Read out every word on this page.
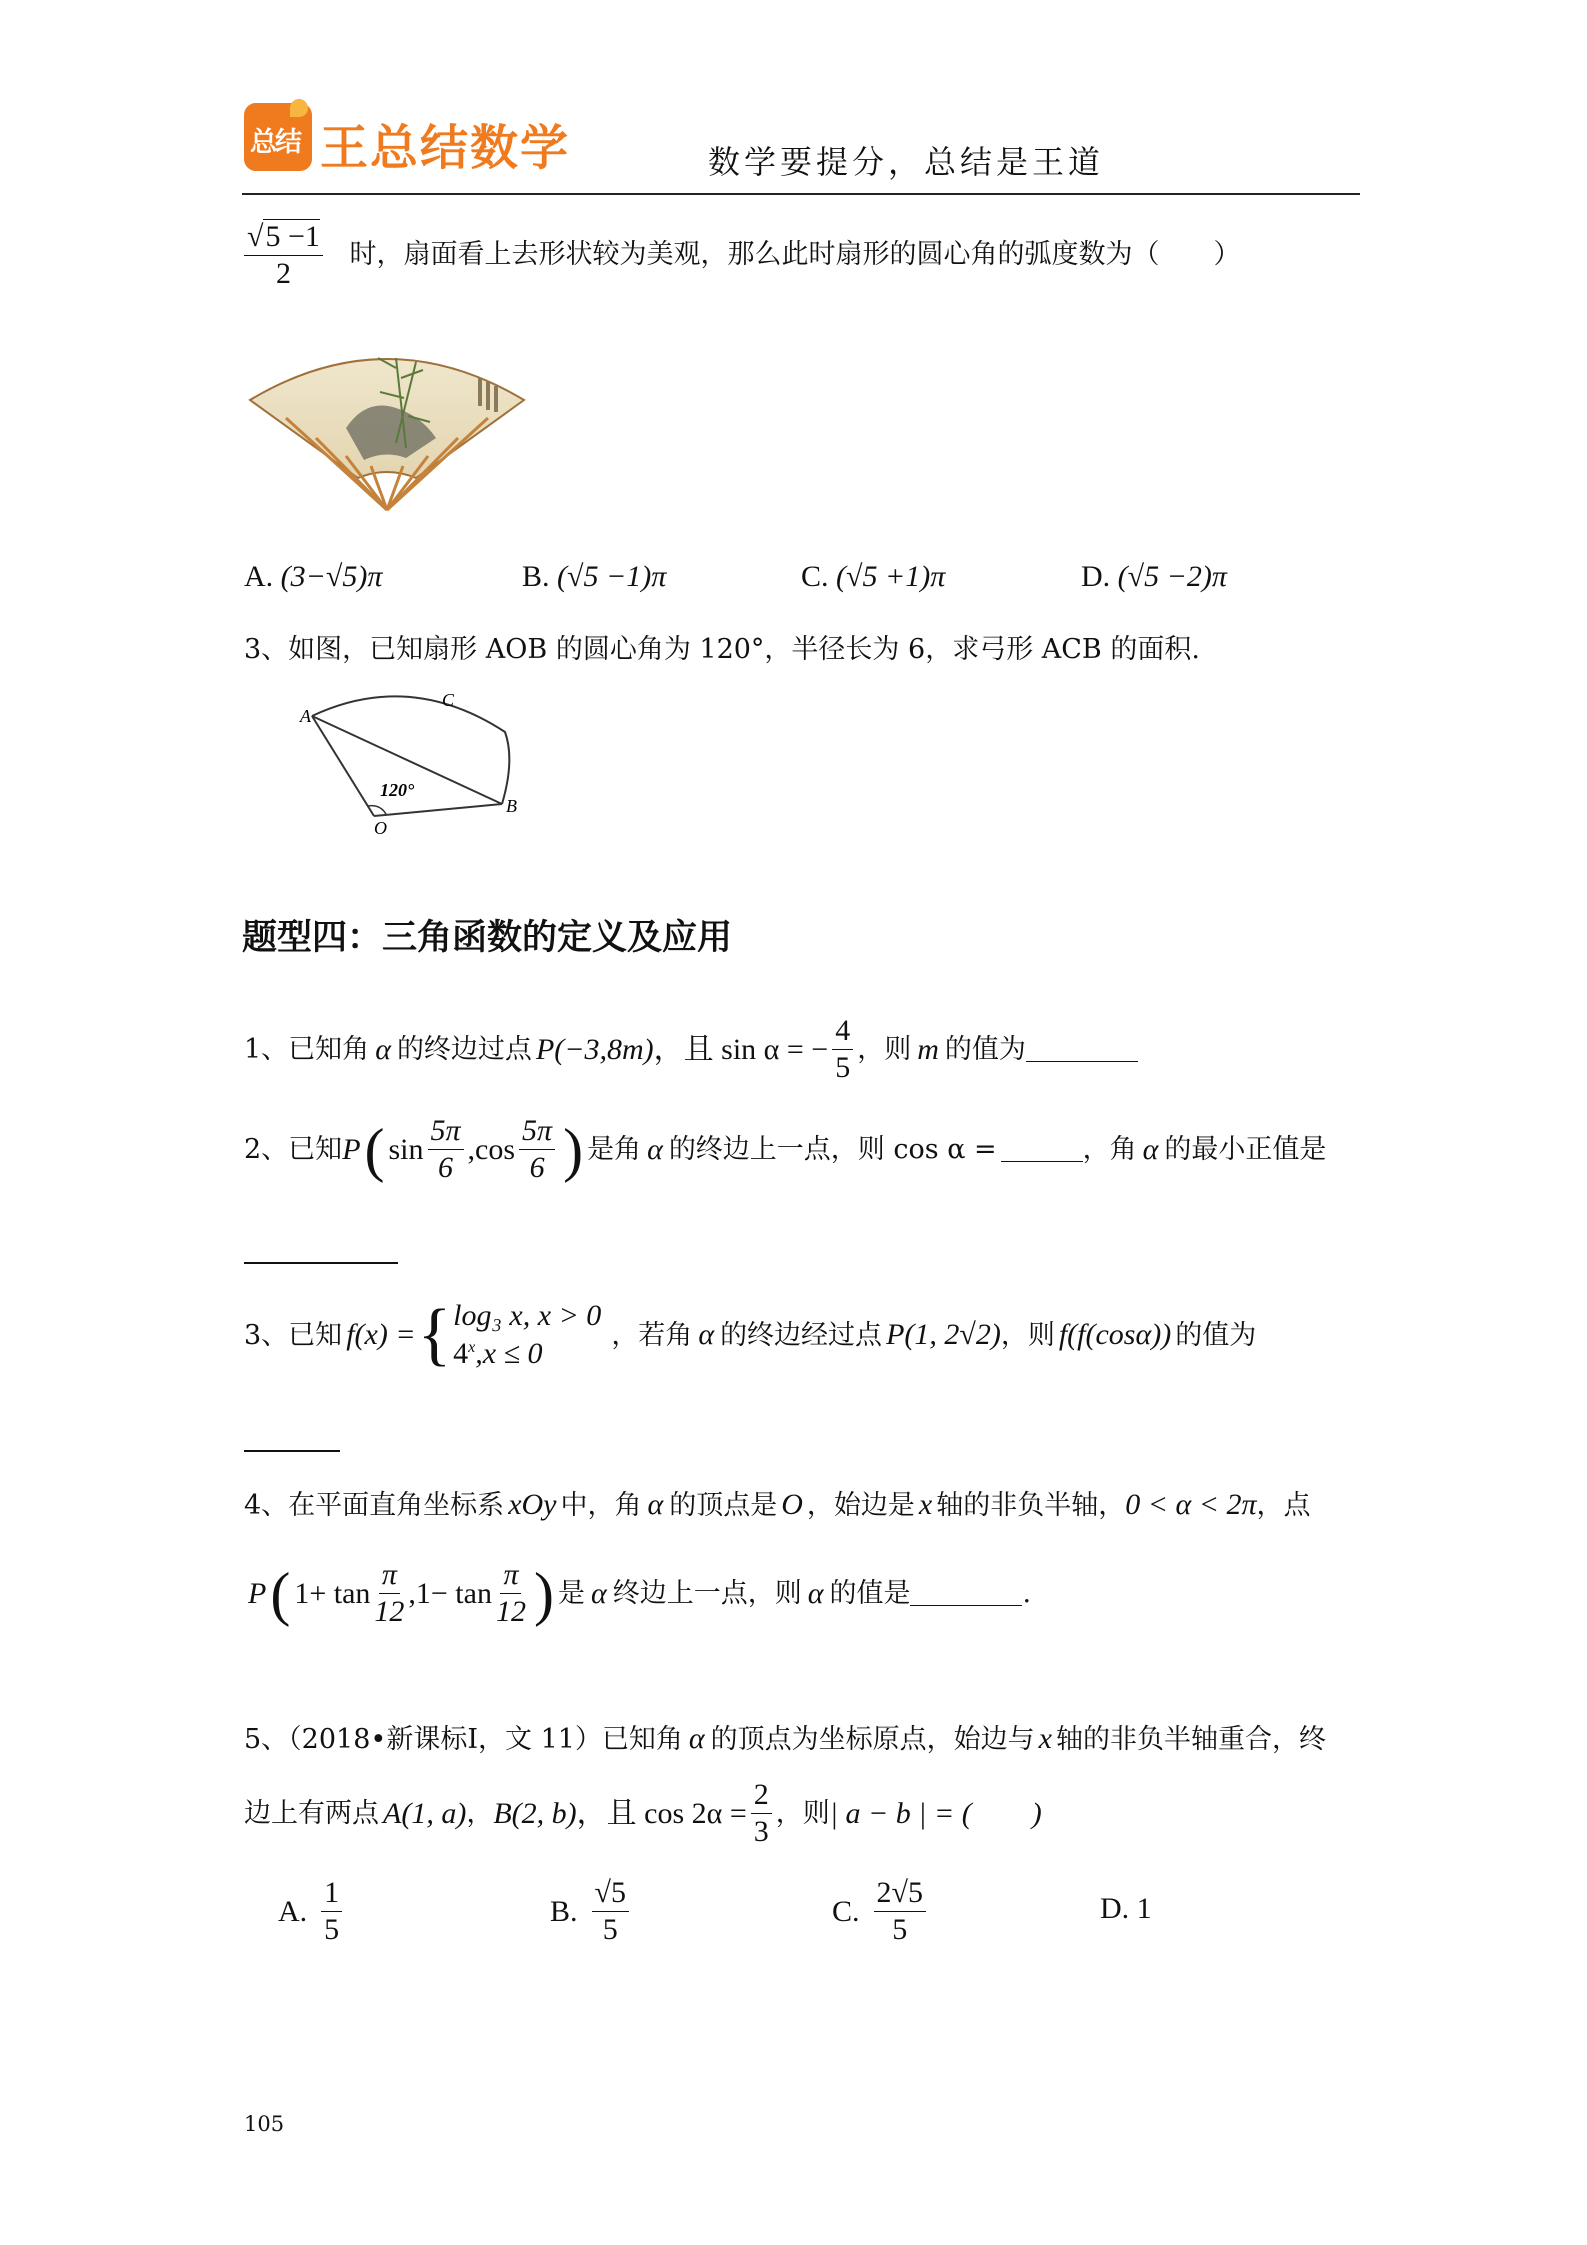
总结 王总结数学	数学要提分，总结是王道
$\frac{√5 -1}{2}$ 时，扇面看上去形状较为美观，那么此时扇形的圆心角的弧度数为（　　）
A. (3−√5)π	B. (√5 −1)π	C. (√5 +1)π	D. (√5 −2)π
3、如图，已知扇形 AOB 的圆心角为 120°，半径长为 6，求弓形 ACB 的面积.
A
C
B
O
120°
题型四：三角函数的定义及应用
1、已知角 α 的终边过点 P(−3,8m) ，且 sin α = − $\frac{4}{5}$ ，则 m 的值为
2、已知 P ( $\sin \frac{5\pi}{6} ,\cos \frac{5\pi}{6}$ ) 是角 α 的终边上一点，则 cos α =	，角 α 的最小正值是
3、已知 f(x) = { log₃ x, x > 0
$4^x,x \le 0$
，若角 α 的终边经过点 P(1, 2√2) ，则 f(f(cosα)) 的值为
4、在平面直角坐标系 xOy 中，角 α 的顶点是 O ，始边是 x 轴的非负半轴， 0 < α < 2π ，点
P ( $1+ \tan \frac{\pi}{12} ,1- \tan \frac{\pi}{12}$ ) 是 α 终边上一点，则 α 的值是	.
5、（2018•新课标Ⅰ，文 11）已知角 α 的顶点为坐标原点，始边与 x 轴的非负半轴重合，终
边上有两点 A(1, a) ， B(2, b) ，且 $\cos 2\alpha = \frac{2}{3}$ ，则 | a − b | = (　　)
A. $\frac{1}{5}$	B. $\frac{√5}{5}$	C. $\frac{2√5}{5}$	D. 1
105
